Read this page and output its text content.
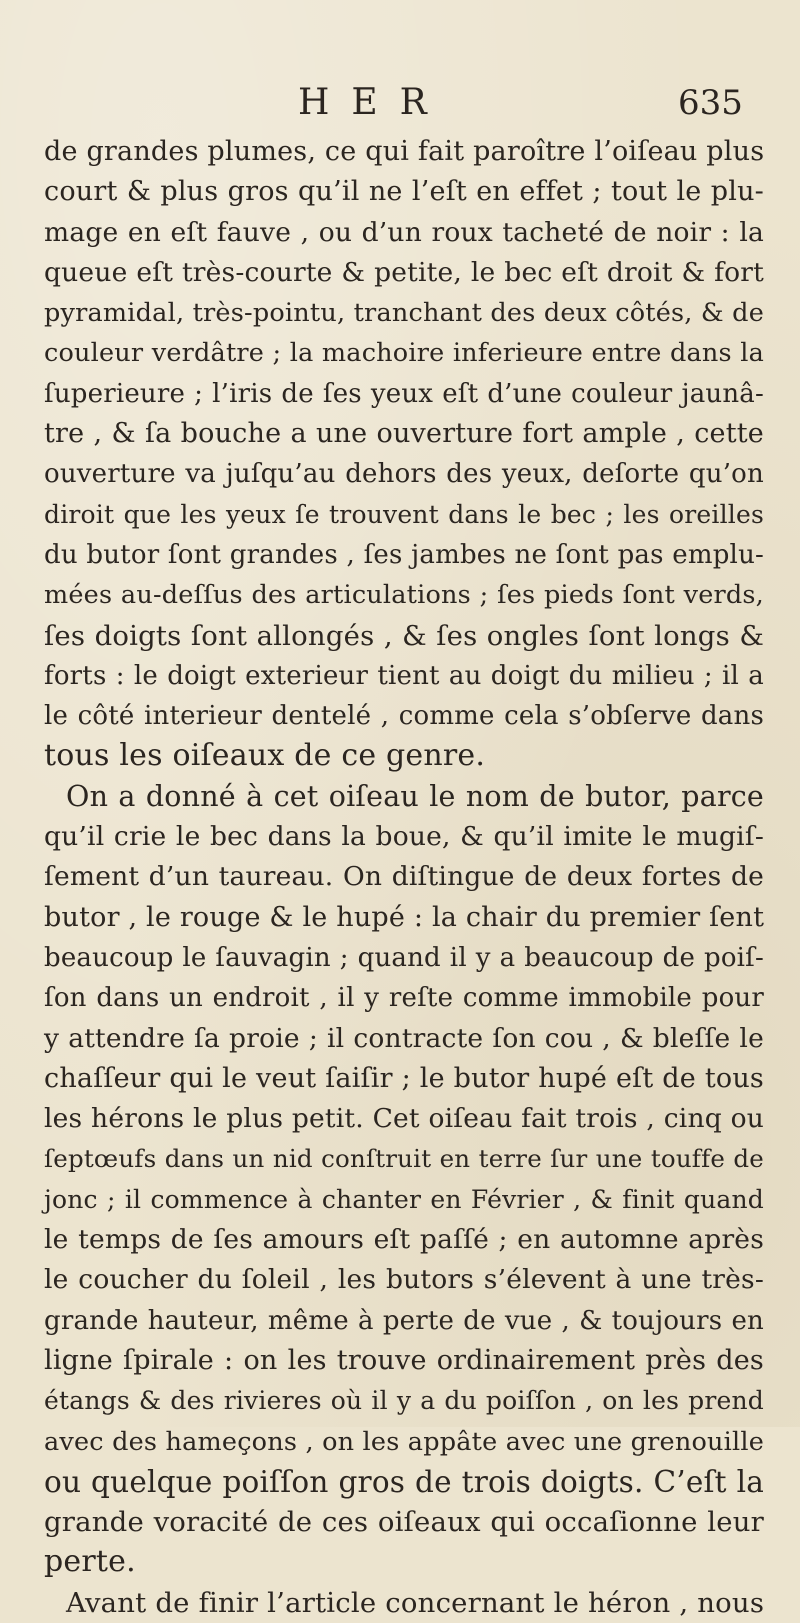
HER	635
de grandes plumes, ce qui fait paroître l’oiſeau plus
court & plus gros qu’il ne l’eſt en effet ; tout le plu-
mage en eſt fauve , ou d’un roux tacheté de noir : la
queue eſt très-courte & petite, le bec eſt droit & fort
pyramidal, très-pointu, tranchant des deux côtés, & de
couleur verdâtre ; la machoire inferieure entre dans la
ſuperieure ; l’iris de ſes yeux eſt d’une couleur jaunâ-
tre , & ſa bouche a une ouverture fort ample , cette
ouverture va juſqu’au dehors des yeux, deſorte qu’on
diroit que les yeux ſe trouvent dans le bec ; les oreilles
du butor ſont grandes , ſes jambes ne ſont pas emplu-
mées au-deſſus des articulations ; ſes pieds ſont verds,
ſes doigts ſont allongés , & ſes ongles ſont longs &
forts : le doigt exterieur tient au doigt du milieu ; il a
le côté interieur dentelé , comme cela s’obſerve dans
tous les oiſeaux de ce genre.
On a donné à cet oiſeau le nom de butor, parce
qu’il crie le bec dans la boue, & qu’il imite le mugiſ-
ſement d’un taureau. On diſtingue de deux fortes de
butor , le rouge & le hupé : la chair du premier ſent
beaucoup le ſauvagin ; quand il y a beaucoup de poiſ-
ſon dans un endroit , il y reſte comme immobile pour
y attendre ſa proie ; il contracte ſon cou , & bleſſe le
chaſſeur qui le veut ſaiſir ; le butor hupé eſt de tous
les hérons le plus petit. Cet oiſeau fait trois , cinq ou
ſeptœufs dans un nid conſtruit en terre ſur une touffe de
jonc ; il commence à chanter en Février , & finit quand
le temps de ſes amours eſt paſſé ; en automne après
le coucher du ſoleil , les butors s’élevent à une très-
grande hauteur, même à perte de vue , & toujours en
ligne ſpirale : on les trouve ordinairement près des
étangs & des rivieres où il y a du poiſſon , on les prend
avec des hameçons , on les appâte avec une grenouille
ou quelque poiſſon gros de trois doigts. C’eſt la
grande voracité de ces oiſeaux qui occaſionne leur
perte.
Avant de finir l’article concernant le héron , nous
